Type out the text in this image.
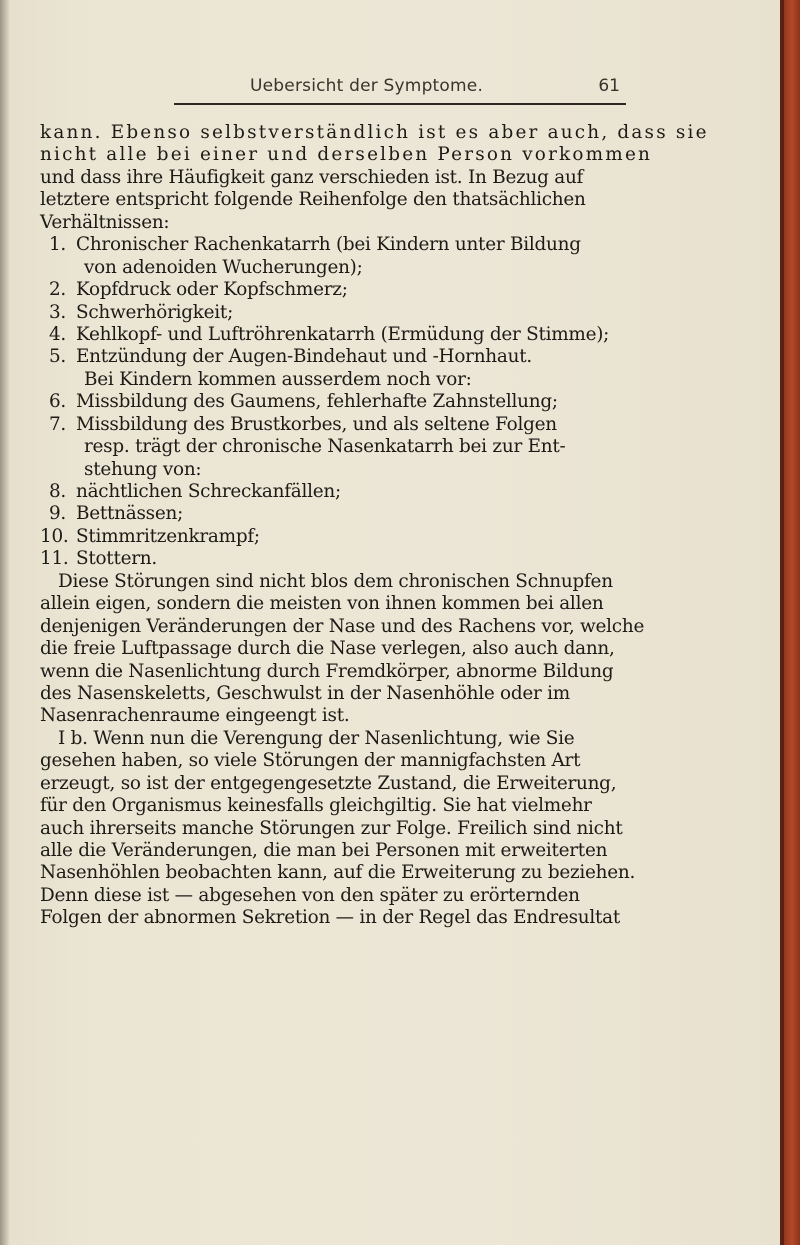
Uebersicht der Symptome.	61
kann. Ebenso selbstverständlich ist es aber auch, dass sie
nicht alle bei einer und derselben Person vorkommen
und dass ihre Häufigkeit ganz verschieden ist. In Bezug auf
letztere entspricht folgende Reihenfolge den thatsächlichen
Verhältnissen:
1. Chronischer Rachenkatarrh (bei Kindern unter Bildung
von adenoiden Wucherungen);
2. Kopfdruck oder Kopfschmerz;
3. Schwerhörigkeit;
4. Kehlkopf- und Luftröhrenkatarrh (Ermüdung der Stimme);
5. Entzündung der Augen-Bindehaut und -Hornhaut.
Bei Kindern kommen ausserdem noch vor:
6. Missbildung des Gaumens, fehlerhafte Zahnstellung;
7. Missbildung des Brustkorbes, und als seltene Folgen
resp. trägt der chronische Nasenkatarrh bei zur Ent-
stehung von:
8. nächtlichen Schreckanfällen;
9. Bettnässen;
10. Stimmritzenkrampf;
11. Stottern.
Diese Störungen sind nicht blos dem chronischen Schnupfen
allein eigen, sondern die meisten von ihnen kommen bei allen
denjenigen Veränderungen der Nase und des Rachens vor, welche
die freie Luftpassage durch die Nase verlegen, also auch dann,
wenn die Nasenlichtung durch Fremdkörper, abnorme Bildung
des Nasenskeletts, Geschwulst in der Nasenhöhle oder im
Nasenrachenraume eingeengt ist.
I b. Wenn nun die Verengung der Nasenlichtung, wie Sie
gesehen haben, so viele Störungen der mannigfachsten Art
erzeugt, so ist der entgegengesetzte Zustand, die Erweiterung,
für den Organismus keinesfalls gleichgiltig. Sie hat vielmehr
auch ihrerseits manche Störungen zur Folge. Freilich sind nicht
alle die Veränderungen, die man bei Personen mit erweiterten
Nasenhöhlen beobachten kann, auf die Erweiterung zu beziehen.
Denn diese ist — abgesehen von den später zu erörternden
Folgen der abnormen Sekretion — in der Regel das Endresultat
